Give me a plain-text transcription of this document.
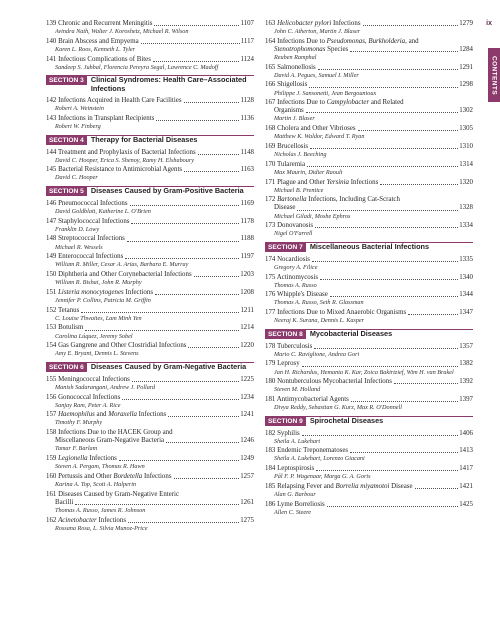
ix
CONTENTS
139 Chronic and Recurrent Meningitis	1107
Avindra Nath, Walter J. Koroshetz, Michael R. Wilson
140 Brain Abscess and Empyema	1117
Karen L. Roos, Kenneth L. Tyler
141 Infectious Complications of Bites	1124
Sandeep S. Jubbal, Florencia Pereyra Segal, Lawrence C. Madoff
SECTION 3 Clinical Syndromes: Health Care–Associated Infections
142 Infections Acquired in Health Care Facilities	1128
Robert A. Weinstein
143 Infections in Transplant Recipients	1136
Robert W. Finberg
SECTION 4 Therapy for Bacterial Diseases
144 Treatment and Prophylaxis of Bacterial Infections	1148
David C. Hooper, Erica S. Shenoy, Ramy H. Elshaboury
145 Bacterial Resistance to Antimicrobial Agents	1163
David C. Hooper
SECTION 5 Diseases Caused by Gram-Positive Bacteria
146 Pneumococcal Infections	1169
David Goldblatt, Katherine L. O'Brien
147 Staphylococcal Infections	1178
Franklin D. Lowy
148 Streptococcal Infections	1188
Michael R. Wessels
149 Enterococcal Infections	1197
William R. Miller, Cesar A. Arias, Barbara E. Murray
150 Diphtheria and Other Corynebacterial Infections	1203
William R. Bishai, John R. Murphy
151 Listeria monocytogenes Infections	1208
Jennifer P. Collins, Patricia M. Griffin
152 Tetanus	1211
C. Louise Thwaites, Lam Minh Yen
153 Botulism	1214
Carolina Lúquez, Jeremy Sobel
154 Gas Gangrene and Other Clostridial Infections	1220
Amy E. Bryant, Dennis L. Stevens
SECTION 6 Diseases Caused by Gram-Negative Bacteria
155 Meningococcal Infections	1225
Manish Sadarangani, Andrew J. Pollard
156 Gonococcal Infections	1234
Sanjay Ram, Peter A. Rice
157 Haemophilus and Moraxella Infections	1241
Timothy F. Murphy
158 Infections Due to the HACEK Group and
Miscellaneous Gram-Negative Bacteria	1246
Tamar F. Barlam
159 Legionella Infections	1249
Steven A. Pergam, Thomas R. Hawn
160 Pertussis and Other Bordetella Infections	1257
Karina A. Top, Scott A. Halperin
161 Diseases Caused by Gram-Negative Enteric
Bacilli	1261
Thomas A. Russo, James R. Johnson
162 Acinetobacter Infections	1275
Rossana Rosa, L. Silvia Munoz-Price
163 Helicobacter pylori Infections	1279
John C. Atherton, Martin J. Blaser
164 Infections Due to Pseudomonas, Burkholderia, and
Stenotrophomonas Species	1284
Reuben Ramphal
165 Salmonellosis	1291
David A. Pegues, Samuel I. Miller
166 Shigellosis	1298
Philippe J. Sansonetti, Jean Bergounioux
167 Infections Due to Campylobacter and Related
Organisms	1302
Martin J. Blaser
168 Cholera and Other Vibrioses	1305
Matthew K. Waldor, Edward T. Ryan
169 Brucellosis	1310
Nicholas J. Beeching
170 Tularemia	1314
Max Maurin, Didier Raoult
171 Plague and Other Yersinia Infections	1320
Michael B. Prentice
172 Bartonella Infections, Including Cat-Scratch
Disease	1328
Michael Giladi, Moshe Ephros
173 Donovanosis	1334
Nigel O'Farrell
SECTION 7 Miscellaneous Bacterial Infections
174 Nocardiosis	1335
Gregory A. Filice
175 Actinomycosis	1340
Thomas A. Russo
176 Whipple's Disease	1344
Thomas A. Russo, Seth R. Glassman
177 Infections Due to Mixed Anaerobic Organisms	1347
Neeraj K. Surana, Dennis L. Kasper
SECTION 8 Mycobacterial Diseases
178 Tuberculosis	1357
Mario C. Raviglione, Andrea Gori
179 Leprosy	1382
Jan H. Richardus, Hemanta K. Kar, Zoica Bakirtzief, Wim H. van Brakel
180 Nontuberculous Mycobacterial Infections	1392
Steven M. Holland
181 Antimycobacterial Agents	1397
Divya Reddy, Sebastian G. Kurz, Max R. O'Donnell
SECTION 9 Spirochetal Diseases
182 Syphilis	1406
Sheila A. Lukehart
183 Endemic Treponematoses	1413
Sheila A. Lukehart, Lorenzo Giacani
184 Leptospirosis	1417
Pål F. P. Wagenaar, Marga G. A. Goris
185 Relapsing Fever and Borrelia miyamotoi Disease	1421
Alan G. Barbour
186 Lyme Borreliosis	1425
Allen C. Steere
